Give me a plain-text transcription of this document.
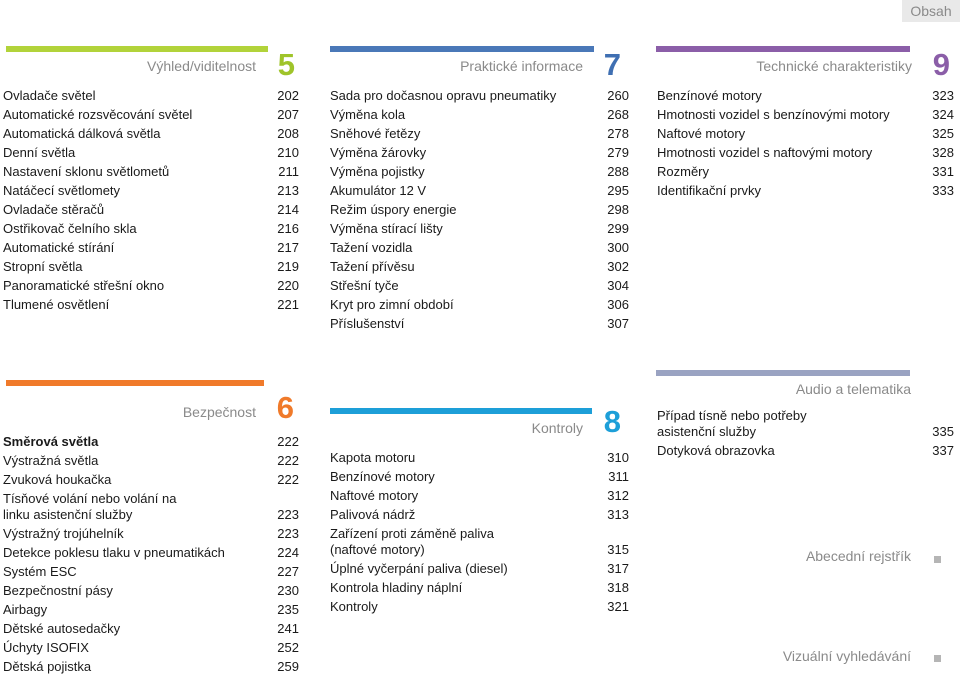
Obsah
Výhled/viditelnost 5
Ovladače světel	202
Automatické rozsvěcování světel	207
Automatická dálková světla	208
Denní světla	210
Nastavení sklonu světlometů	211
Natáčecí světlomety	213
Ovladače stěračů	214
Ostřikovač čelního skla	216
Automatické stírání	217
Stropní světla	219
Panoramatické střešní okno	220
Tlumené osvětlení	221
Praktické informace 7
Sada pro dočasnou opravu pneumatiky	260
Výměna kola	268
Sněhové řetězy	278
Výměna žárovky	279
Výměna pojistky	288
Akumulátor 12 V	295
Režim úspory energie	298
Výměna stírací lišty	299
Tažení vozidla	300
Tažení přívěsu	302
Střešní tyče	304
Kryt pro zimní období	306
Příslušenství	307
Technické charakteristiky 9
Benzínové motory	323
Hmotnosti vozidel s benzínovými motory	324
Naftové motory	325
Hmotnosti vozidel s naftovými motory	328
Rozměry	331
Identifikační prvky	333
Bezpečnost 6
Směrová světla	222
Výstražná světla	222
Zvuková houkačka	222
Tísňové volání nebo volání na
linku asistenční služby	223
Výstražný trojúhelník	223
Detekce poklesu tlaku v pneumatikách	224
Systém ESC	227
Bezpečnostní pásy	230
Airbagy	235
Dětské autosedačky	241
Úchyty ISOFIX	252
Dětská pojistka	259
Kontroly 8
Kapota motoru	310
Benzínové motory	311
Naftové motory	312
Palivová nádrž	313
Zařízení proti záměně paliva
(naftové motory)	315
Úplné vyčerpání paliva (diesel)	317
Kontrola hladiny náplní	318
Kontroly	321
Audio a telematika
Případ tísně nebo potřeby
asistenční služby	335
Dotyková obrazovka	337
Abecední rejstřík
Vizuální vyhledávání
